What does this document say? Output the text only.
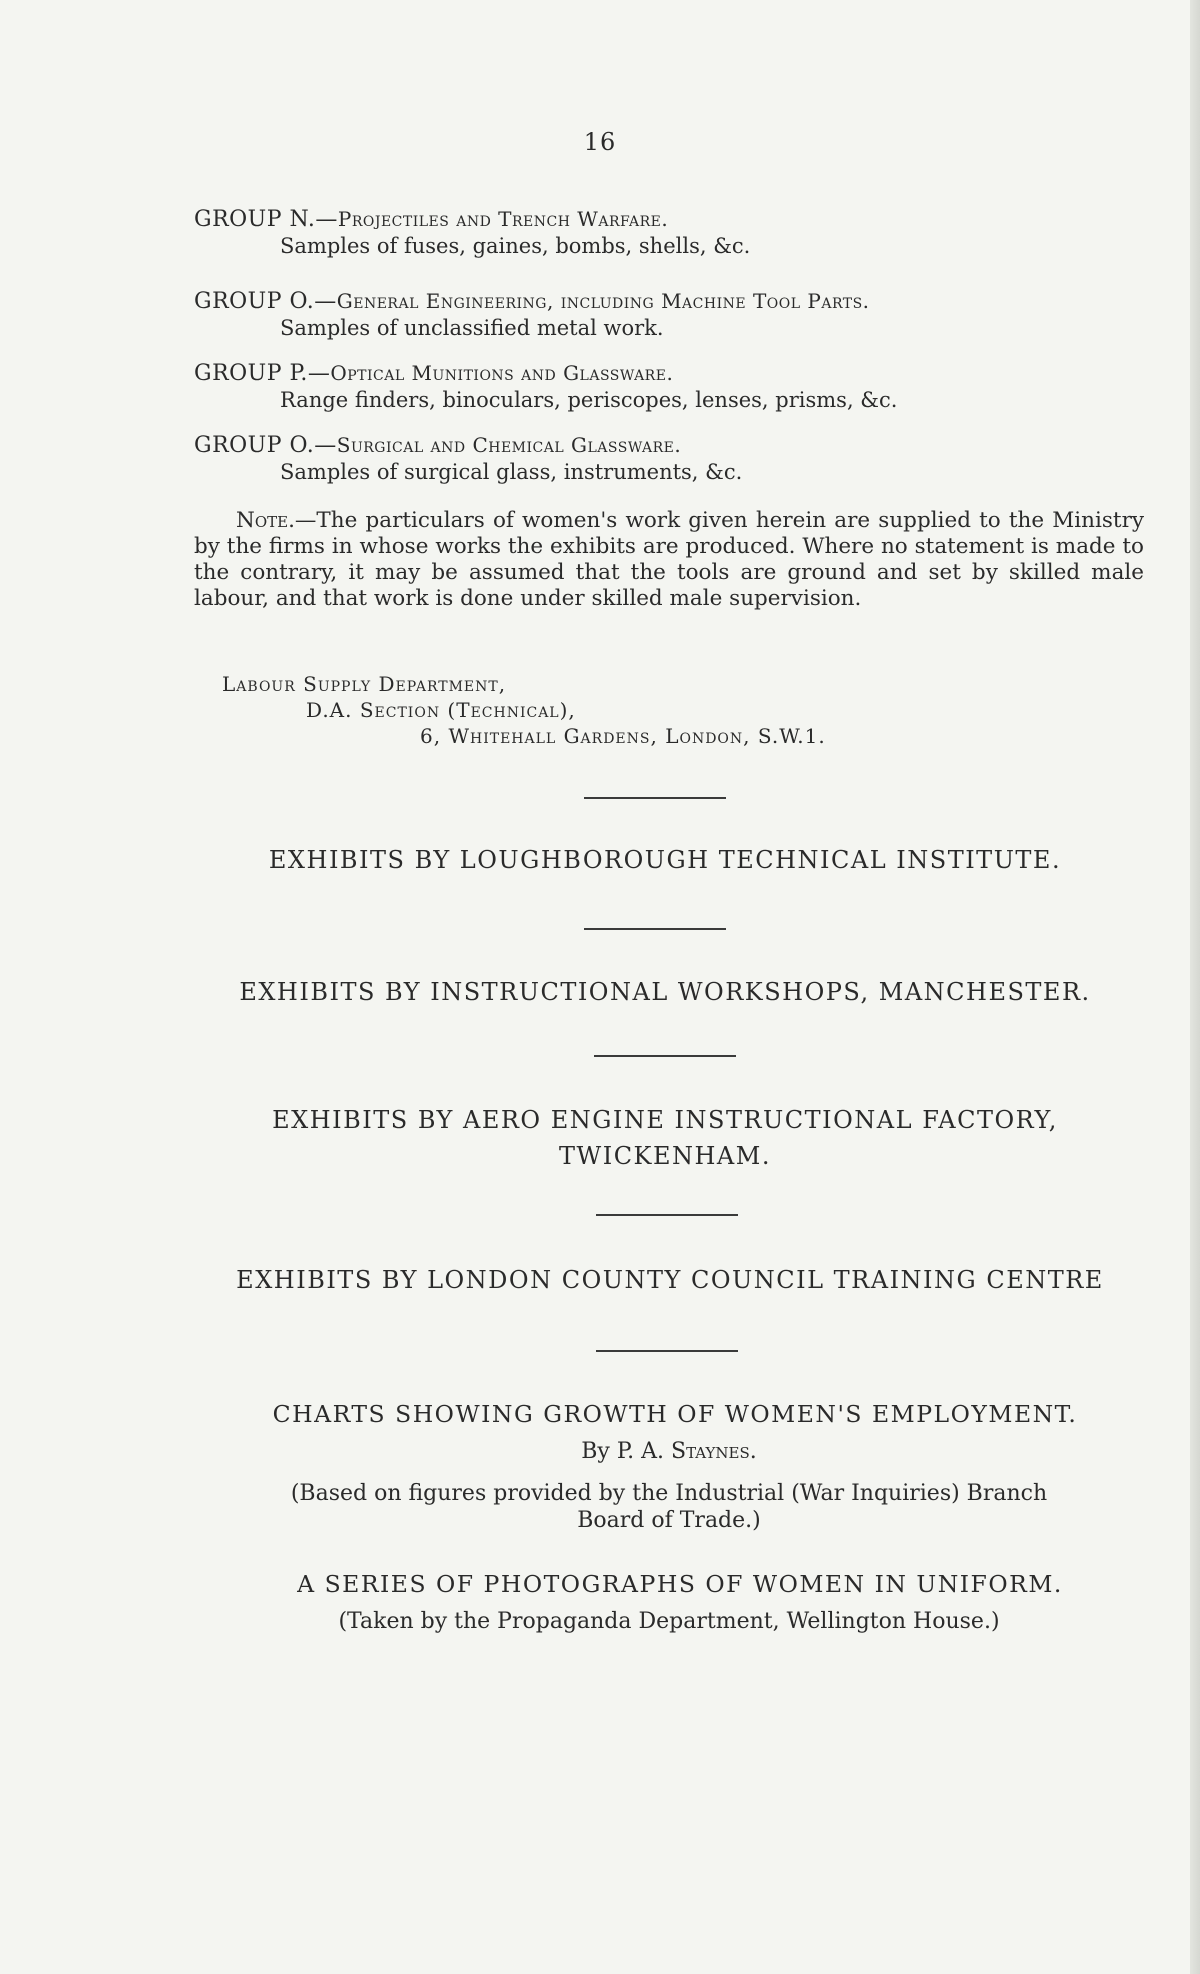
16
GROUP N.—Projectiles and Trench Warfare.
Samples of fuses, gaines, bombs, shells, &c.
GROUP O.—General Engineering, including Machine Tool Parts.
Samples of unclassified metal work.
GROUP P.—Optical Munitions and Glassware.
Range finders, binoculars, periscopes, lenses, prisms, &c.
GROUP O.—Surgical and Chemical Glassware.
Samples of surgical glass, instruments, &c.
Note.—The particulars of women's work given herein are supplied to the Ministry by the firms in whose works the exhibits are produced. Where no statement is made to the contrary, it may be assumed that the tools are ground and set by skilled male labour, and that work is done under skilled male supervision.
Labour Supply Department,
D.A. Section (Technical),
6, Whitehall Gardens, London, S.W.1.
EXHIBITS BY LOUGHBOROUGH TECHNICAL INSTITUTE.
EXHIBITS BY INSTRUCTIONAL WORKSHOPS, MANCHESTER.
EXHIBITS BY AERO ENGINE INSTRUCTIONAL FACTORY,
TWICKENHAM.
EXHIBITS BY LONDON COUNTY COUNCIL TRAINING CENTRE
CHARTS SHOWING GROWTH OF WOMEN'S EMPLOYMENT.
By P. A. Staynes.
(Based on figures provided by the Industrial (War Inquiries) Branch
Board of Trade.)
A SERIES OF PHOTOGRAPHS OF WOMEN IN UNIFORM.
(Taken by the Propaganda Department, Wellington House.)
